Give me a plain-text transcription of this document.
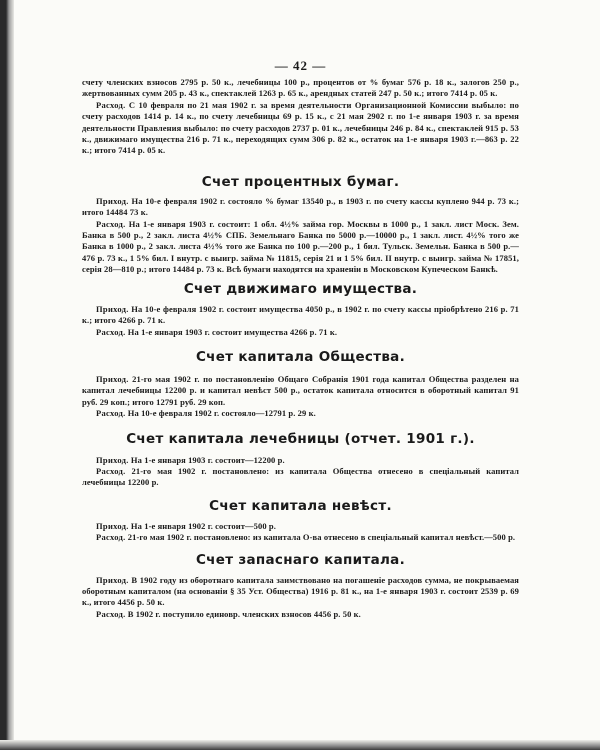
— 42 —

счету членских взносов 2795 р. 50 к., лечебницы 100 р., процентов от % бумаг 576 р. 18 к., залогов 250 р., жертвованных сумм 205 р. 43 к., спектаклей 1263 р. 65 к., арендных статей 247 р. 50 к.; итого 7414 р. 05 к.

Расход. С 10 февраля по 21 мая 1902 г. за время деятельности Организационной Комиссии выбыло: по счету расходов 1414 р. 14 к., по счету лечебницы 69 р. 15 к., с 21 мая 2902 г. по 1-е января 1903 г. за время деятельности Правления выбыло: по счету расходов 2737 р. 01 к., лечебницы 246 р. 84 к., спектаклей 915 р. 53 к., движимаго имущества 216 р. 71 к., переходящих сумм 306 р. 82 к., остаток на 1-е января 1903 г.—863 р. 22 к.; итого 7414 р. 05 к.

Счет процентных бумаг.

Приход. На 10-е февраля 1902 г. состояло % бумаг 13540 р., в 1903 г. по счету кассы куплено 944 р. 73 к.; итого 14484 73 к.

Расход. На 1-е января 1903 г. состоит: 1 обл. 4½% займа гор. Москвы в 1000 р., 1 закл. лист Моск. Зем. Банка в 500 р., 2 закл. листа 4½% СПБ. Земельнаго Банка по 5000 р.—10000 р., 1 закл. лист. 4½% того же Банка в 1000 р., 2 закл. листа 4½% того же Банка по 100 р.—200 р., 1 бил. Тульск. Земельн. Банка в 500 р.—476 р. 73 к., 1 5% бил. I внутр. с выигр. займа № 11815, серія 21 и 1 5% бил. II внутр. с выигр. займа № 17851, серія 28—810 р.; итого 14484 р. 73 к. Всѣ бумаги находятся на храненіи в Московском Купеческом Банкѣ.

Счет движимаго имущества.

Приход. На 10-е февраля 1902 г. состоит имущества 4050 р., в 1902 г. по счету кассы пріобрѣтено 216 р. 71 к.; итого 4266 р. 71 к.

Расход. На 1-е января 1903 г. состоит имущества 4266 р. 71 к.

Счет капитала Общества.

Приход. 21-го мая 1902 г. по постановленію Общаго Собранія 1901 года капитал Общества разделен на капитал лечебницы 12200 р. и капитал невѣст 500 р., остаток капитала относится в оборотный капитал 91 руб. 29 коп.; итого 12791 руб. 29 коп.

Расход. На 10-е февраля 1902 г. состояло—12791 р. 29 к.

Счет капитала лечебницы (отчет. 1901 г.).

Приход. На 1-е января 1903 г. состоит—12200 р.

Расход. 21-го мая 1902 г. постановлено: из капитала Общества отнесено в спеціальный капитал лечебницы 12200 р.

Счет капитала невѣст.

Приход. На 1-е января 1902 г. состоит—500 р.

Расход. 21-го мая 1902 г. постановлено: из капитала О-ва отнесено в спеціальный капитал невѣст.—500 р.

Счет запаснаго капитала.

Приход. В 1902 году из оборотнаго капитала заимствовано на погашеніе расходов сумма, не покрываемая оборотным капиталом (на основаніи § 35 Уст. Общества) 1916 р. 81 к., на 1-е января 1903 г. состоит 2539 р. 69 к., итого 4456 р. 50 к.

Расход. В 1902 г. поступило единовр. членских взносов 4456 р. 50 к.
